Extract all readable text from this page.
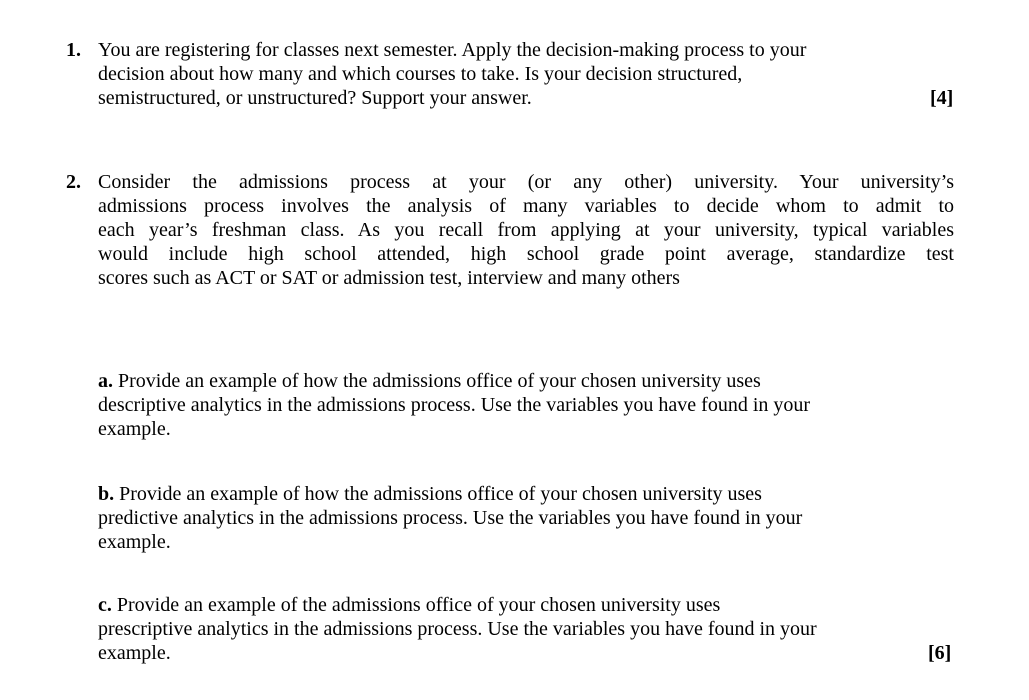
1. You are registering for classes next semester. Apply the decision-making process to your
decision about how many and which courses to take. Is your decision structured,
semistructured, or unstructured? Support your answer.	[4]
2. Consider the admissions process at your (or any other) university. Your university’s
admissions process involves the analysis of many variables to decide whom to admit to
each year’s freshman class. As you recall from applying at your university, typical variables
would include high school attended, high school grade point average, standardize test
scores such as ACT or SAT or admission test, interview and many others
a. Provide an example of how the admissions office of your chosen university uses
descriptive analytics in the admissions process. Use the variables you have found in your
example.
b. Provide an example of how the admissions office of your chosen university uses
predictive analytics in the admissions process. Use the variables you have found in your
example.
c. Provide an example of the admissions office of your chosen university uses
prescriptive analytics in the admissions process. Use the variables you have found in your
example.	[6]
